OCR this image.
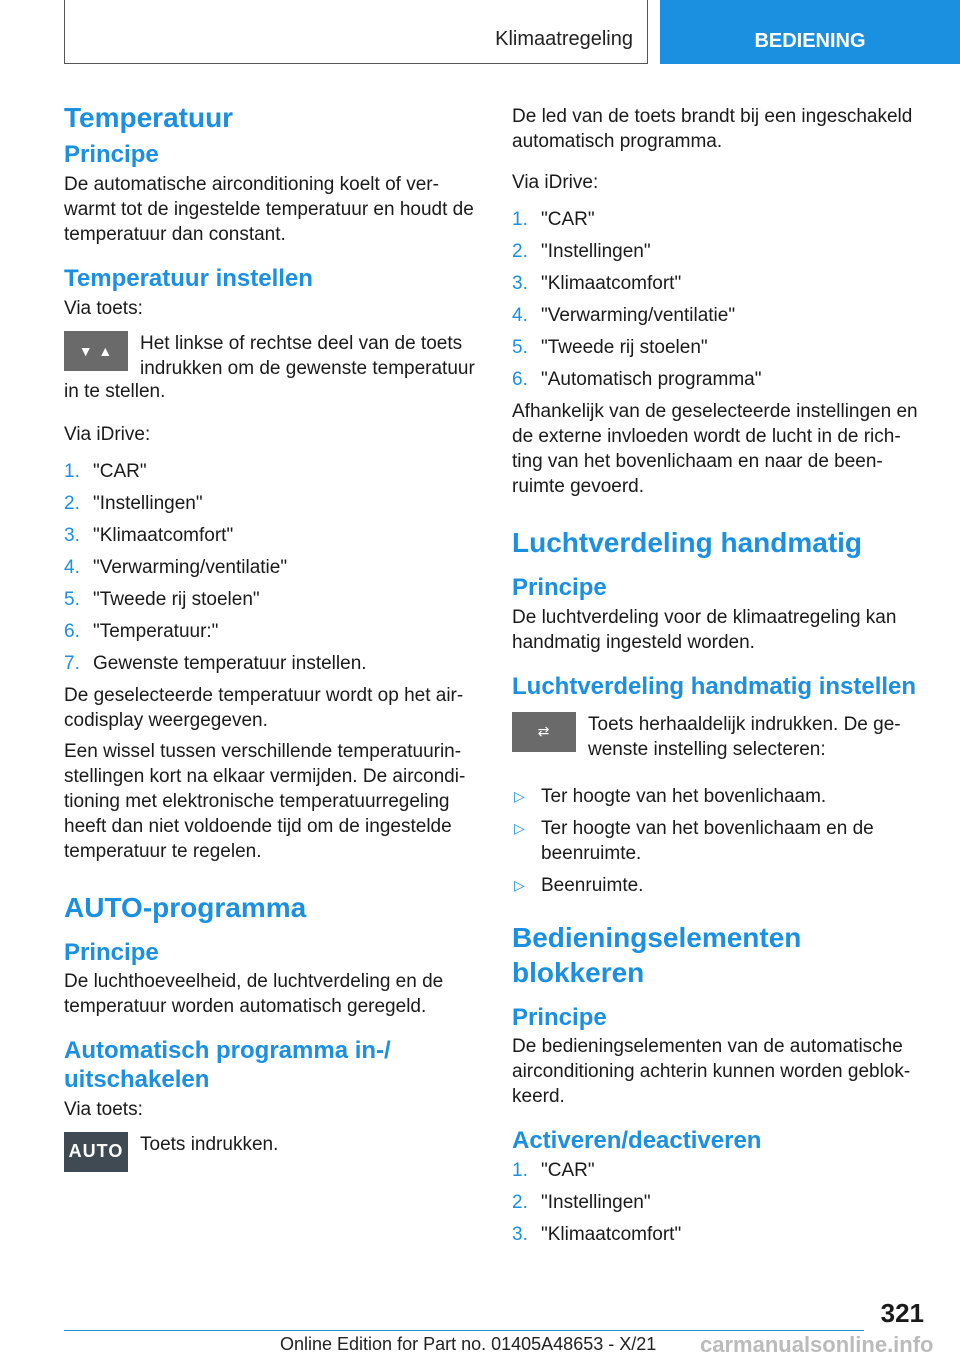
Klimaatregeling	BEDIENING
Temperatuur
Principe

De automatische airconditioning koelt of ver-warmt tot de ingestelde temperatuur en houdt de temperatuur dan constant.

Temperatuur instellen

Via toets:

▼ ▲	Het linkse of rechtse deel van de toets indrukken om de gewenste temperatuur

in te stellen.

Via iDrive:

1. "CAR"
2. "Instellingen"
3. "Klimaatcomfort"
4. "Verwarming/ventilatie"
5. "Tweede rij stoelen"
6. "Temperatuur:"
7. Gewenste temperatuur instellen.

De geselecteerde temperatuur wordt op het air-codisplay weergegeven.

Een wissel tussen verschillende temperatuurin-stellingen kort na elkaar vermijden. De aircondi-tioning met elektronische temperatuurregeling heeft dan niet voldoende tijd om de ingestelde temperatuur te regelen.

AUTO-programma
Principe

De luchthoeveelheid, de luchtverdeling en de temperatuur worden automatisch geregeld.

Automatisch programma in-/ uitschakelen

Via toets:

AUTO Toets indrukken.

De led van de toets brandt bij een ingeschakeld automatisch programma.

Via iDrive:

1. "CAR"
2. "Instellingen"
3. "Klimaatcomfort"
4. "Verwarming/ventilatie"
5. "Tweede rij stoelen"
6. "Automatisch programma"

Afhankelijk van de geselecteerde instellingen en de externe invloeden wordt de lucht in de rich-ting van het bovenlichaam en naar de been-ruimte gevoerd.

Luchtverdeling handmatig
Principe

De luchtverdeling voor de klimaatregeling kan handmatig ingesteld worden.

Luchtverdeling handmatig instellen
⇄	Toets herhaaldelijk indrukken. De ge-wenste instelling selecteren:
▷ Ter hoogte van het bovenlichaam.
▷ Ter hoogte van het bovenlichaam en de beenruimte.
▷ Beenruimte.
Bedieningselementen blokkeren
Principe

De bedieningselementen van de automatische airconditioning achterin kunnen worden geblok-keerd.

Activeren/deactiveren
1. "CAR"
2. "Instellingen"
3. "Klimaatcomfort"
321
Online Edition for Part no. 01405A48653 - X/21 carmanualsonline.info
